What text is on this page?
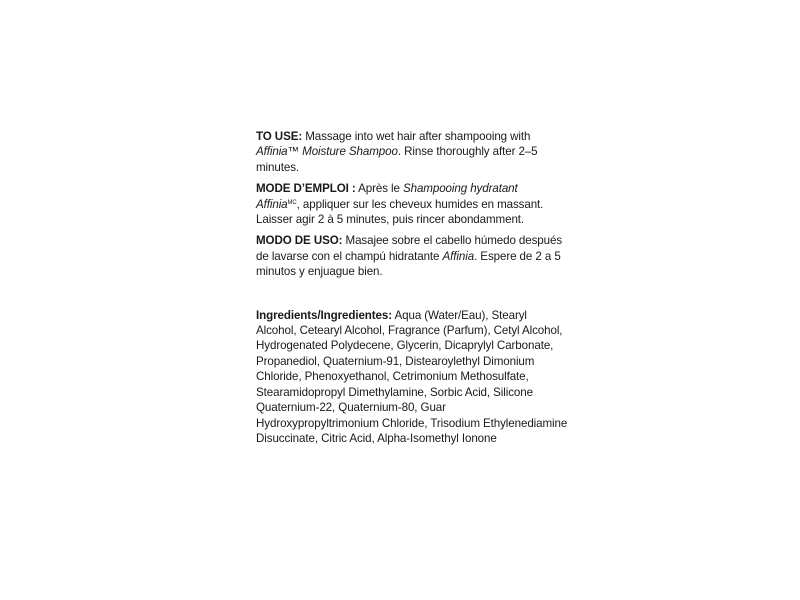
TO USE: Massage into wet hair after shampooing with Affinia™ Moisture Shampoo. Rinse thoroughly after 2–5 minutes.

MODE D’EMPLOI : Après le Shampooing hydratant
Affinia$^{MC}$, appliquer sur les cheveux humides en massant. Laisser agir 2 à 5 minutes, puis rincer abondamment.

MODO DE USO: Masajee sobre el cabello húmedo después de lavarse con el champú hidratante Affinia. Espere de 2 a 5 minutos y enjuague bien.

Ingredients/Ingredientes: Aqua (Water/Eau), Stearyl Alcohol, Cetearyl Alcohol, Fragrance (Parfum), Cetyl Alcohol, Hydrogenated Polydecene, Glycerin, Dicaprylyl Carbonate, Propanediol, Quaternium-91, Distearoylethyl Dimonium Chloride, Phenoxyethanol, Cetrimonium Methosulfate, Stearamidopropyl Dimethylamine, Sorbic Acid, Silicone Quaternium-22, Quaternium-80, Guar Hydroxypropyltrimonium Chloride, Trisodium Ethylenediamine Disuccinate, Citric Acid, Alpha-Isomethyl Ionone
